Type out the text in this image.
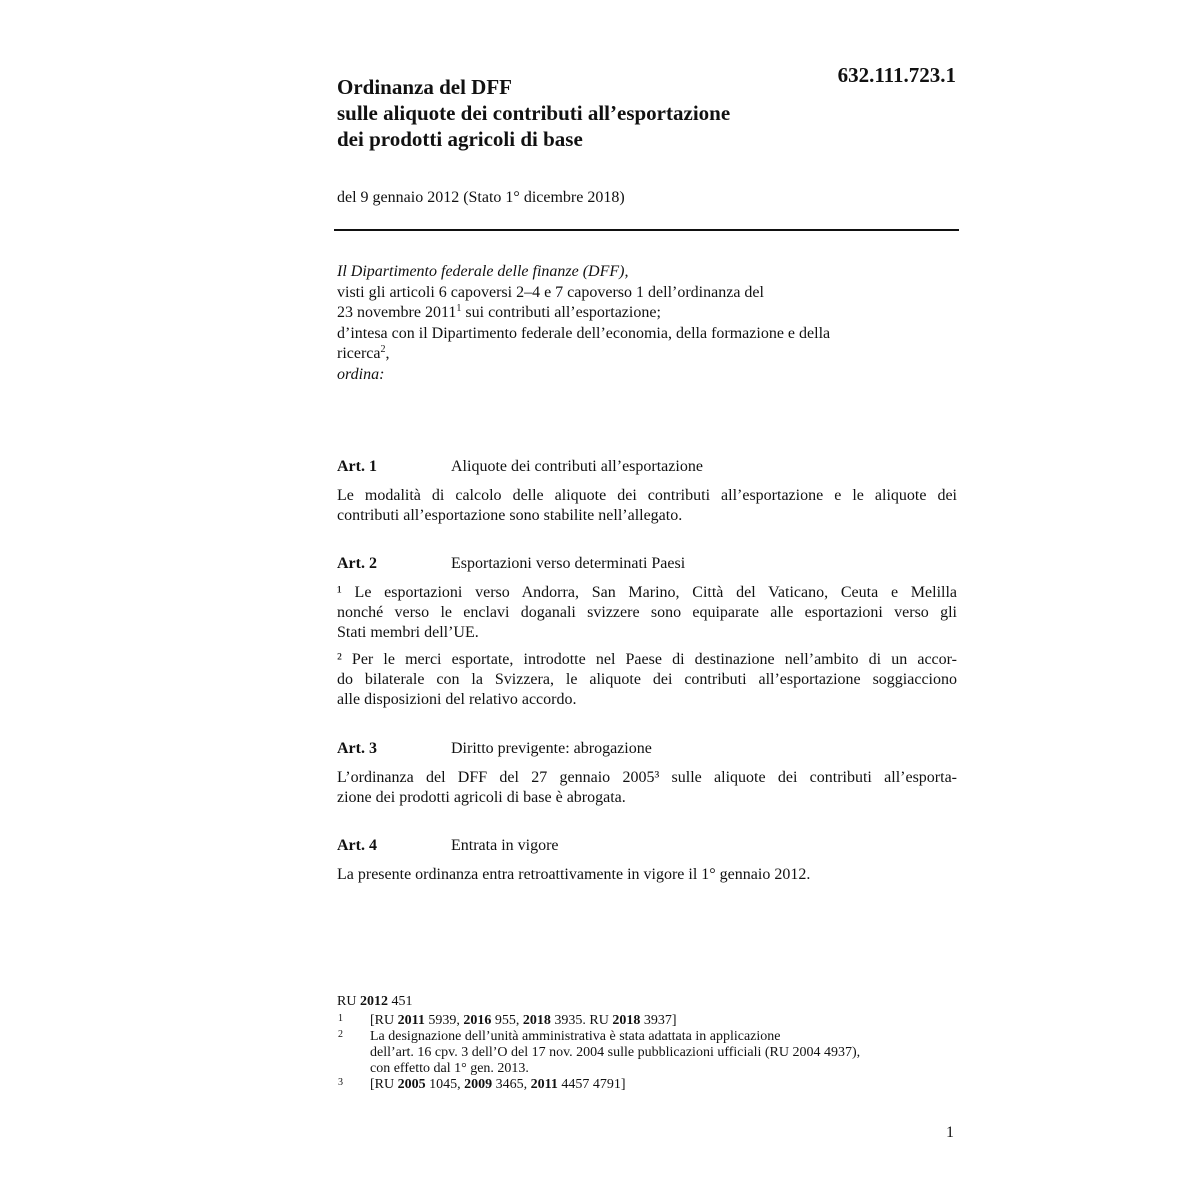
632.111.723.1
Ordinanza del DFF
sulle aliquote dei contributi all’esportazione
dei prodotti agricoli di base
del 9 gennaio 2012 (Stato 1° dicembre 2018)
Il Dipartimento federale delle finanze (DFF),
visti gli articoli 6 capoversi 2–4 e 7 capoverso 1 dell’ordinanza del
23 novembre 2011$^1$ sui contributi all’esportazione;
d’intesa con il Dipartimento federale dell’economia, della formazione e della
ricerca$^2$,
ordina:
Art. 1	Aliquote dei contributi all’esportazione

Le modalità di calcolo delle aliquote dei contributi all’esportazione e le aliquote dei
contributi all’esportazione sono stabilite nell’allegato.

Art. 2	Esportazioni verso determinati Paesi

¹ Le esportazioni verso Andorra, San Marino, Città del Vaticano, Ceuta e Melilla
nonché verso le enclavi doganali svizzere sono equiparate alle esportazioni verso gli
Stati membri dell’UE.

² Per le merci esportate, introdotte nel Paese di destinazione nell’ambito di un accor-
do bilaterale con la Svizzera, le aliquote dei contributi all’esportazione soggiacciono
alle disposizioni del relativo accordo.

Art. 3	Diritto previgente: abrogazione

L’ordinanza del DFF del 27 gennaio 2005³ sulle aliquote dei contributi all’esporta-
zione dei prodotti agricoli di base è abrogata.

Art. 4	Entrata in vigore

La presente ordinanza entra retroattivamente in vigore il 1° gennaio 2012.

RU 2012 451
1 [RU 2011 5939, 2016 955, 2018 3935. RU 2018 3937]
2 La designazione dell’unità amministrativa è stata adattata in applicazione
dell’art. 16 cpv. 3 dell’O del 17 nov. 2004 sulle pubblicazioni ufficiali (RU 2004 4937),
con effetto dal 1° gen. 2013.
3 [RU 2005 1045, 2009 3465, 2011 4457 4791]
1
